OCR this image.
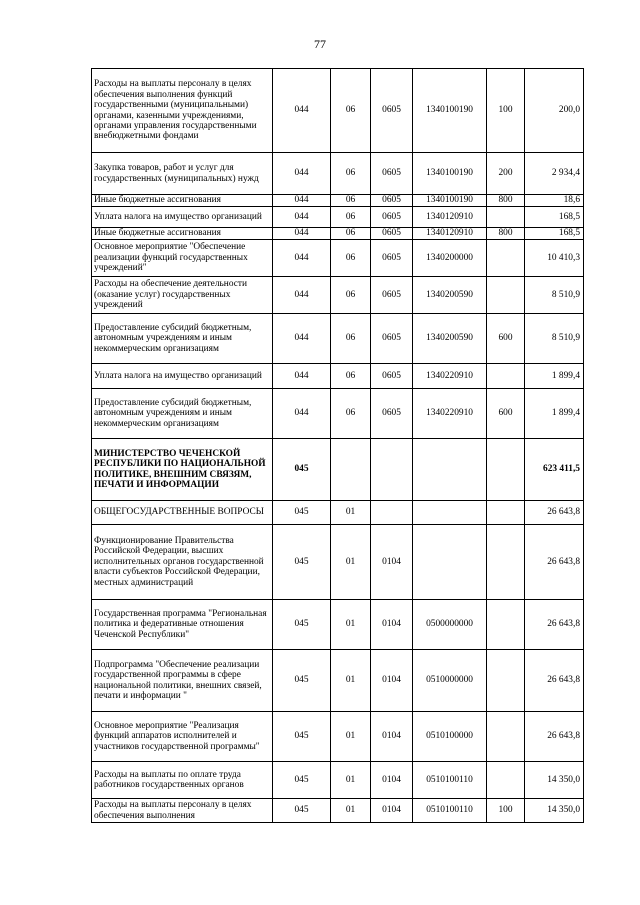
77
Расходы на выплаты персоналу в целях обеспечения выполнения функций государственными (муниципальными) органами, казенными учреждениями, органами управления государственными внебюджетными фондами	044	06	0605	1340100190	100	200,0
Закупка товаров, работ и услуг для государственных (муниципальных) нужд	044	06	0605	1340100190	200	2 934,4
Иные бюджетные ассигнования	044	06	0605	1340100190	800	18,6
Уплата налога на имущество организаций	044	06	0605	1340120910		168,5
Иные бюджетные ассигнования	044	06	0605	1340120910	800	168,5
Основное мероприятие "Обеспечение реализации функций государственных учреждений"	044	06	0605	1340200000		10 410,3
Расходы на обеспечение деятельности (оказание услуг) государственных учреждений	044	06	0605	1340200590		8 510,9
Предоставление субсидий бюджетным, автономным учреждениям и иным некоммерческим организациям	044	06	0605	1340200590	600	8 510,9
Уплата налога на имущество организаций	044	06	0605	1340220910		1 899,4
Предоставление субсидий бюджетным, автономным учреждениям и иным некоммерческим организациям	044	06	0605	1340220910	600	1 899,4
МИНИСТЕРСТВО ЧЕЧЕНСКОЙ РЕСПУБЛИКИ ПО НАЦИОНАЛЬНОЙ ПОЛИТИКЕ, ВНЕШНИМ СВЯЗЯМ, ПЕЧАТИ И ИНФОРМАЦИИ	045					623 411,5
ОБЩЕГОСУДАРСТВЕННЫЕ ВОПРОСЫ	045	01				26 643,8
Функционирование Правительства Российской Федерации, высших исполнительных органов государственной власти субъектов Российской Федерации, местных администраций	045	01	0104			26 643,8
Государственная программа "Региональная политика и федеративные отношения Чеченской Республики"	045	01	0104	0500000000		26 643,8
Подпрограмма "Обеспечение реализации государственной программы в сфере национальной политики, внешних связей, печати и информации "	045	01	0104	0510000000		26 643,8
Основное мероприятие "Реализация функций аппаратов исполнителей и участников государственной программы"	045	01	0104	0510100000		26 643,8
Расходы на выплаты по оплате труда работников государственных органов	045	01	0104	0510100110		14 350,0
Расходы на выплаты персоналу в целях обеспечения выполнения	045	01	0104	0510100110	100	14 350,0
